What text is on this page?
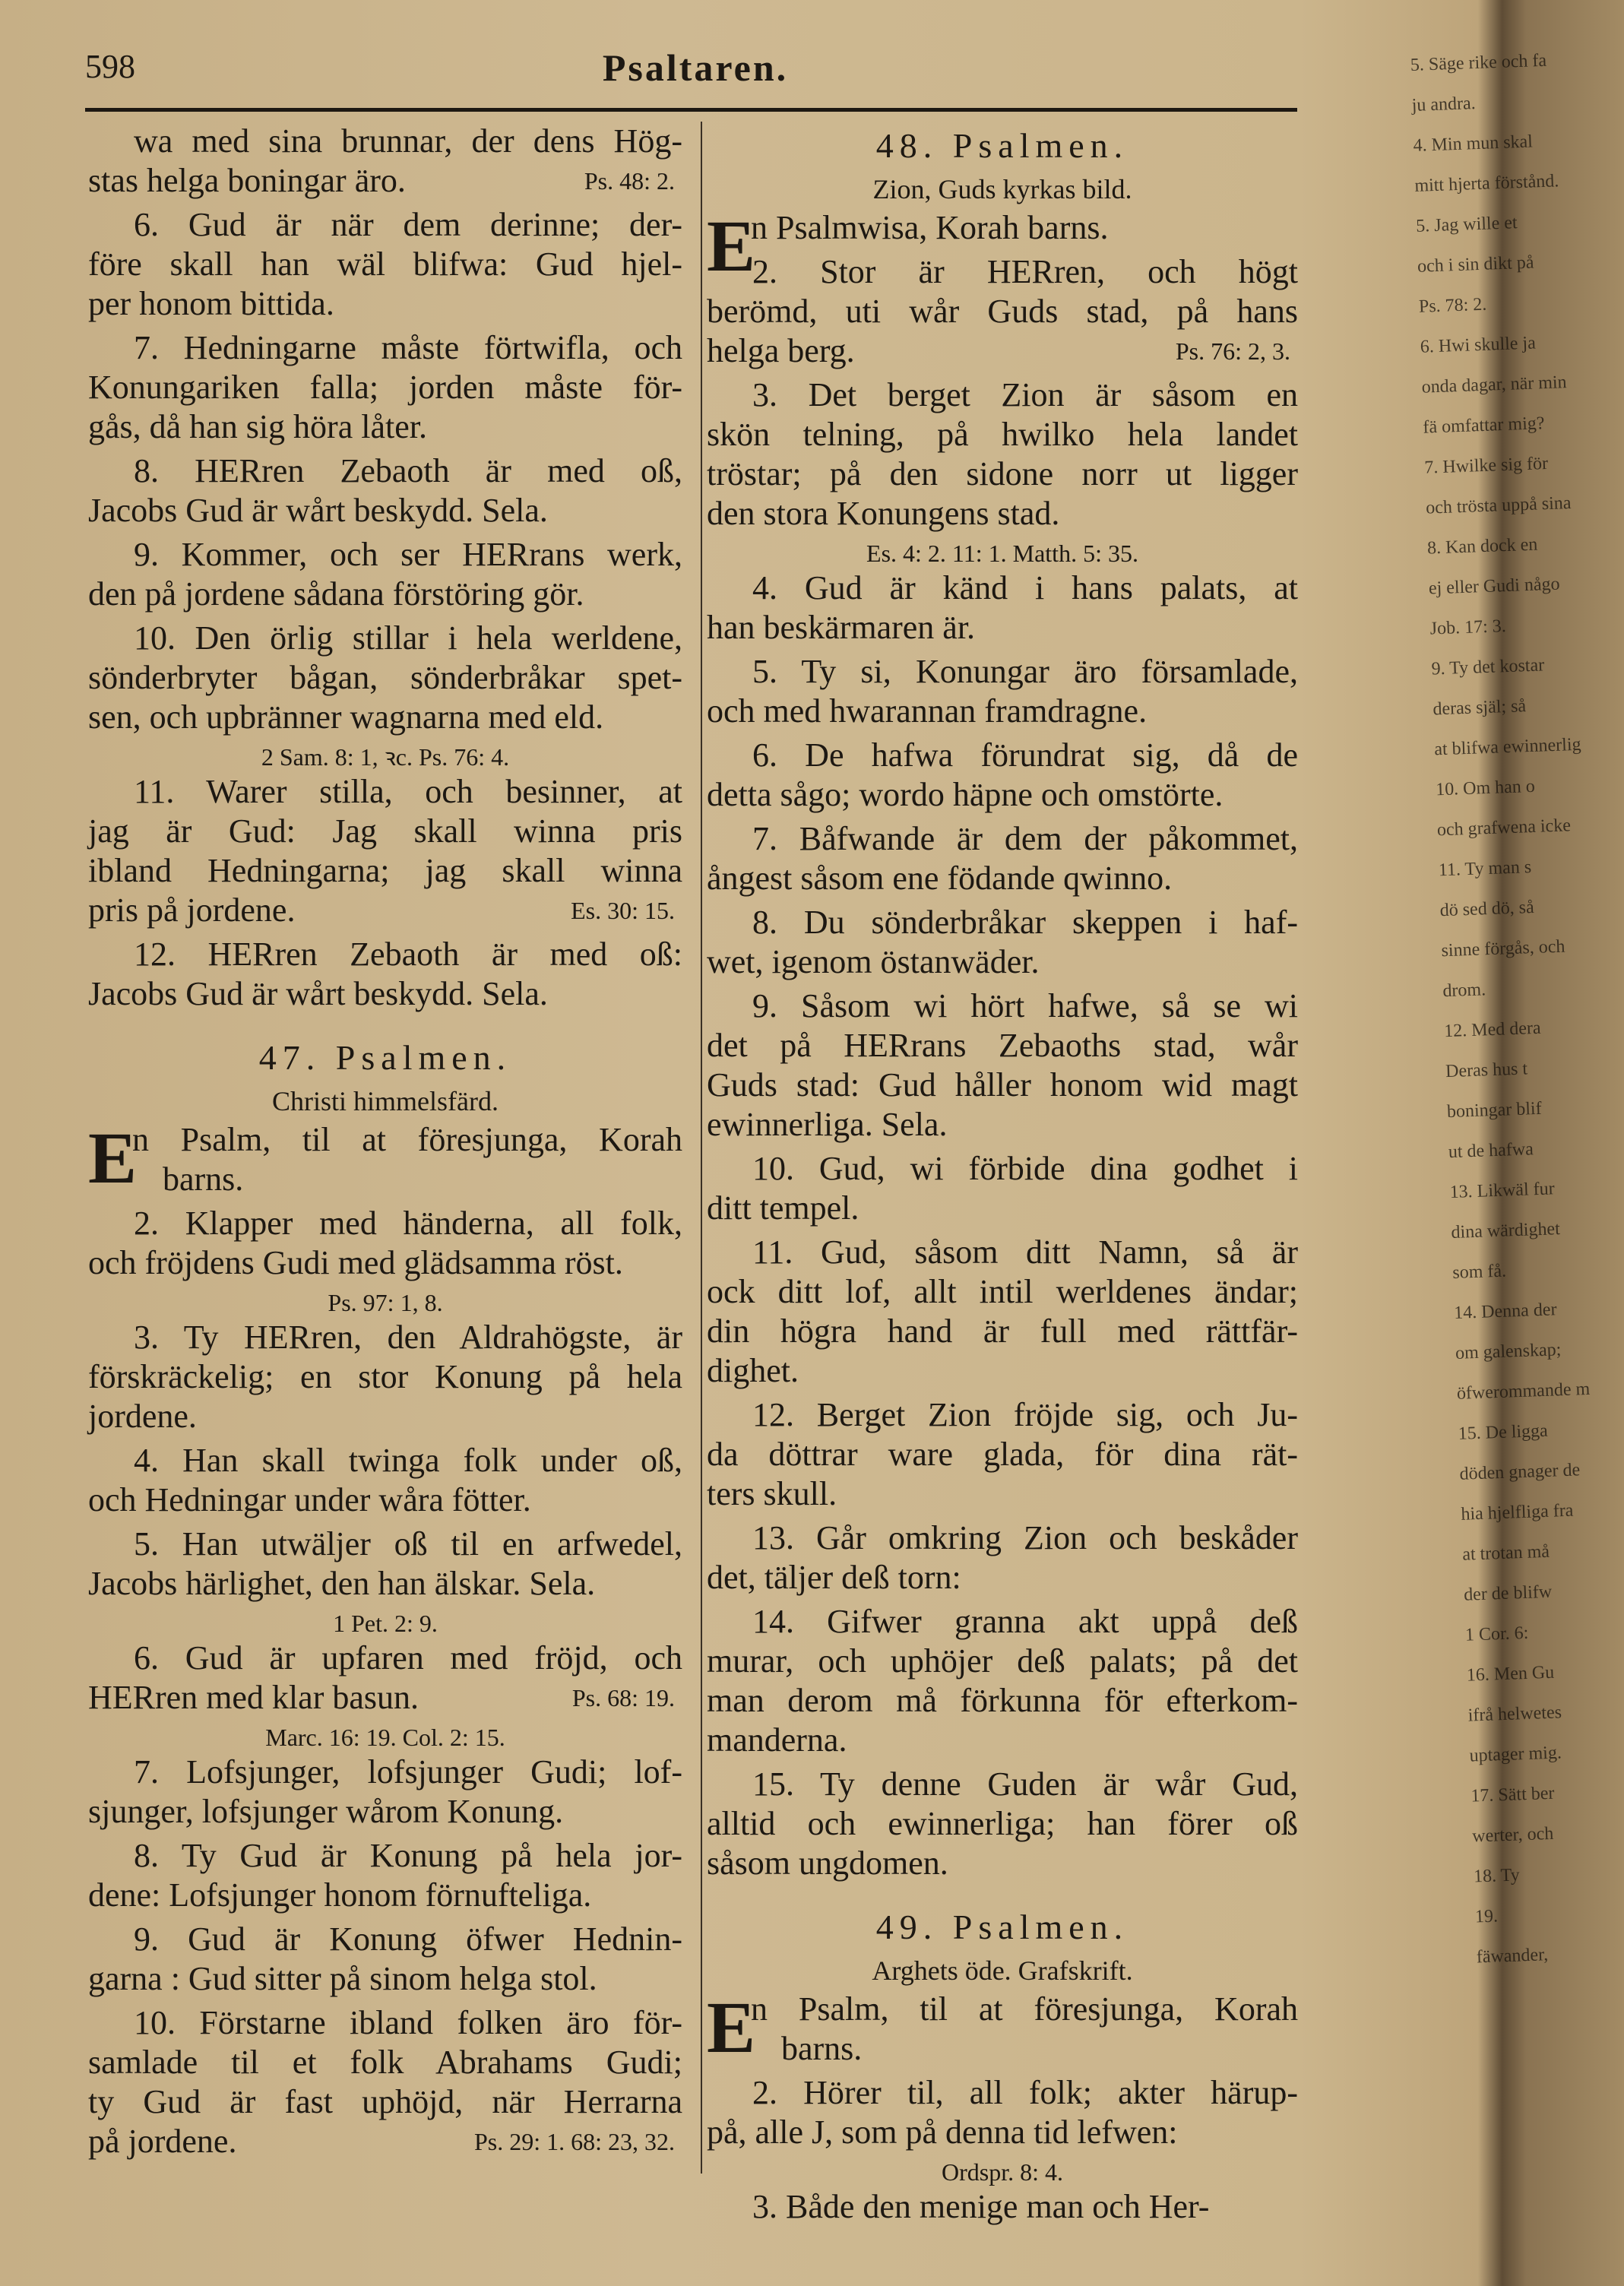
598	Psaltaren.
wa med sina brunnar, der dens Hög-
stas helga boningar äro.	Ps. 48: 2.
6. Gud är när dem derinne; der-
före skall han wäl blifwa: Gud hjel-
per honom bittida.
7. Hedningarne måste förtwifla, och
Konungariken falla; jorden måste för-
gås, då han sig höra låter.
8. HERren Zebaoth är med oß,
Jacobs Gud är wårt beskydd. Sela.
9. Kommer, och ser HERrans werk,
den på jordene sådana förstöring gör.
10. Den örlig stillar i hela werldene,
sönderbryter bågan, sönderbråkar spet-
sen, och upbränner wagnarna med eld.
2 Sam. 8: 1, ꝛc. Ps. 76: 4.
11. Warer stilla, och besinner, at
jag är Gud: Jag skall winna pris
ibland Hedningarna; jag skall winna
pris på jordene.	Es. 30: 15.
12. HERren Zebaoth är med oß:
Jacobs Gud är wårt beskydd. Sela.
47. Psalmen.
Christi himmelsfärd.
E
n Psalm, til at föresjunga, Korah
barns.
2. Klapper med händerna, all folk,
och fröjdens Gudi med glädsamma röst.
Ps. 97: 1, 8.
3. Ty HERren, den Aldrahögste, är
förskräckelig; en stor Konung på hela
jordene.
4. Han skall twinga folk under oß,
och Hedningar under wåra fötter.
5. Han utwäljer oß til en arfwedel,
Jacobs härlighet, den han älskar. Sela.
1 Pet. 2: 9.
6. Gud är upfaren med fröjd, och
HERren med klar basun.	Ps. 68: 19.
Marc. 16: 19. Col. 2: 15.
7. Lofsjunger, lofsjunger Gudi; lof-
sjunger, lofsjunger wårom Konung.
8. Ty Gud är Konung på hela jor-
dene: Lofsjunger honom förnufteliga.
9. Gud är Konung öfwer Hednin-
garna : Gud sitter på sinom helga stol.
10. Förstarne ibland folken äro för-
samlade til et folk Abrahams Gudi;
ty Gud är fast uphöjd, när Herrarna
på jordene.	Ps. 29: 1. 68: 23, 32.
48. Psalmen.
Zion, Guds kyrkas bild.
E
n Psalmwisa, Korah barns.
2. Stor är HERren, och högt
berömd, uti wår Guds stad, på hans
helga berg.	Ps. 76: 2, 3.
3. Det berget Zion är såsom en
skön telning, på hwilko hela landet
tröstar; på den sidone norr ut ligger
den stora Konungens stad.
Es. 4: 2. 11: 1. Matth. 5: 35.
4. Gud är känd i hans palats, at
han beskärmaren är.
5. Ty si, Konungar äro församlade,
och med hwarannan framdragne.
6. De hafwa förundrat sig, då de
detta sågo; wordo häpne och omstörte.
7. Båfwande är dem der påkommet,
ångest såsom ene födande qwinno.
8. Du sönderbråkar skeppen i haf-
wet, igenom östanwäder.
9. Såsom wi hört hafwe, så se wi
det på HERrans Zebaoths stad, wår
Guds stad: Gud håller honom wid magt
ewinnerliga. Sela.
10. Gud, wi förbide dina godhet i
ditt tempel.
11. Gud, såsom ditt Namn, så är
ock ditt lof, allt intil werldenes ändar;
din högra hand är full med rättfär-
dighet.
12. Berget Zion fröjde sig, och Ju-
da döttrar ware glada, för dina rät-
ters skull.
13. Går omkring Zion och beskåder
det, täljer deß torn:
14. Gifwer granna akt uppå deß
murar, och uphöjer deß palats; på det
man derom må förkunna för efterkom-
manderna.
15. Ty denne Guden är wår Gud,
alltid och ewinnerliga; han förer oß
såsom ungdomen.
49. Psalmen.
Arghets öde. Grafskrift.
E
n Psalm, til at föresjunga, Korah
barns.
2. Hörer til, all folk; akter härup-
på, alle J, som på denna tid lefwen:
Ordspr. 8: 4.
3. Både den menige man och Her-
5. Säge rike och fa
ju andra.
4. Min mun skal
mitt hjerta förstånd.
5. Jag wille et
och i sin dikt på
Ps. 78: 2.
6. Hwi skulle ja
onda dagar, när min
fä omfattar mig?
7. Hwilke sig för
och trösta uppå sina
8. Kan dock en
ej eller Gudi någo
Job. 17: 3.
9. Ty det kostar
deras själ; så
at blifwa ewinnerlig
10. Om han o
och grafwena icke
11. Ty man s
dö sed dö, så
sinne förgås, och
drom.
12. Med dera
Deras hus t
boningar blif
ut de hafwa
13. Likwäl fur
dina wärdighet
som få.
14. Denna der
om galenskap;
öfwerommande m
15. De ligga
döden gnager de
hia hjelfliga fra
at trotan må
der de blifw
1 Cor. 6:
16. Men Gu
ifrå helwetes
uptager mig.
17. Sätt ber
werter, och
18. Ty
19.
fäwander,
